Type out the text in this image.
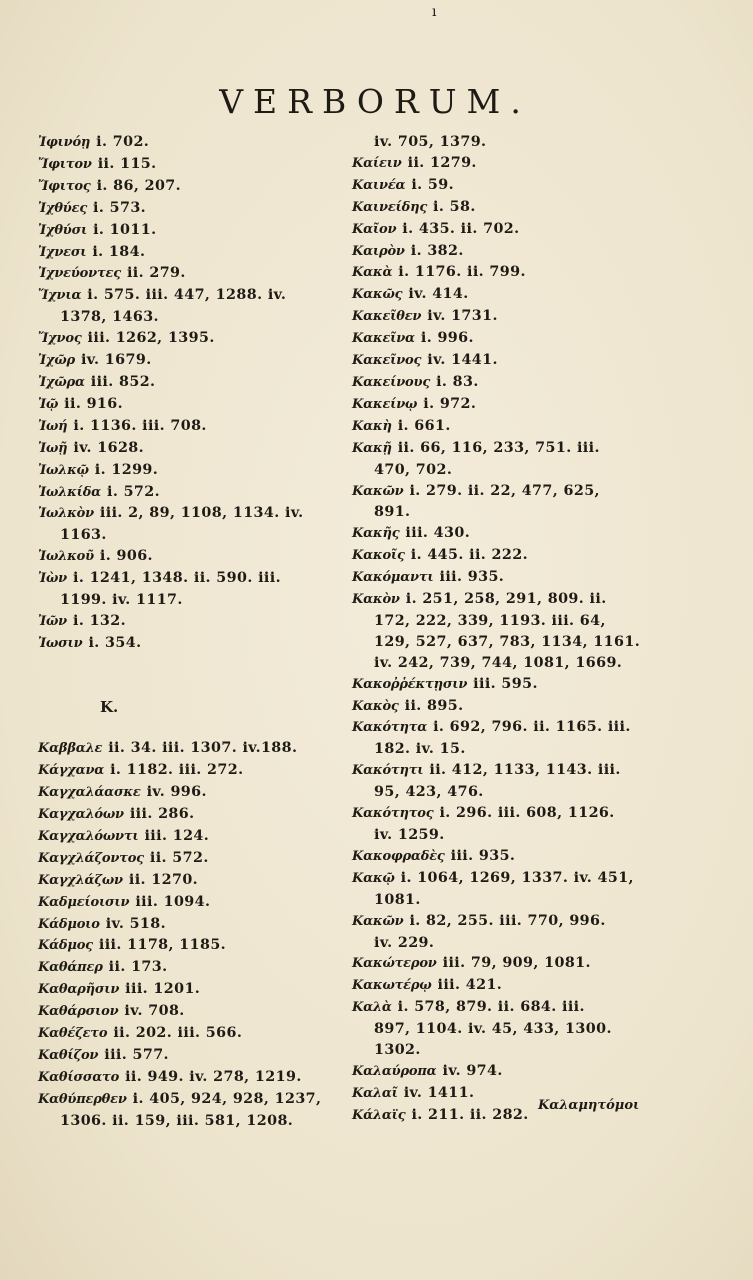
ı
VERBORUM.
Ἰφινόῃ i. 702.
Ἴφιτον ii. 115.
Ἴφιτος i. 86, 207.
Ἰχθύες i. 573.
Ἰχθύσι i. 1011.
Ἰχνεσι i. 184.
Ἰχνεύοντες ii. 279.
Ἴχνια i. 575. iii. 447, 1288. iv.
1378, 1463.
Ἴχνος iii. 1262, 1395.
Ἰχῶρ iv. 1679.
Ἰχῶρα iii. 852.
Ἰῷ ii. 916.
Ἰωή i. 1136. iii. 708.
Ἰωῇ iv. 1628.
Ἰωλκῷ i. 1299.
Ἰωλκίδα i. 572.
Ἰωλκὸν iii. 2, 89, 1108, 1134. iv.
1163.
Ἰωλκοῦ i. 906.
Ἰὼν i. 1241, 1348. ii. 590. iii.
1199. iv. 1117.
Ἰῶν i. 132.
Ἰωσιν i. 354.
K.
Καββαλε ii. 34. iii. 1307. iv.188.
Κάγχανα i. 1182. iii. 272.
Καγχαλάασκε iv. 996.
Καγχαλόων iii. 286.
Καγχαλόωντι iii. 124.
Καγχλάζοντος ii. 572.
Καγχλάζων ii. 1270.
Καδμείοισιν iii. 1094.
Κάδμοιο iv. 518.
Κάδμος iii. 1178, 1185.
Καθάπερ ii. 173.
Καθαρῆσιν iii. 1201.
Καθάρσιον iv. 708.
Καθέζετο ii. 202. iii. 566.
Καθίζον iii. 577.
Καθίσσατο ii. 949. iv. 278, 1219.
Καθύπερθεν i. 405, 924, 928, 1237,
1306. ii. 159, iii. 581, 1208.
iv. 705, 1379.
Καίειν ii. 1279.
Καινέα i. 59.
Καινείδης i. 58.
Καῖον i. 435. ii. 702.
Καιρὸν i. 382.
Κακὰ i. 1176. ii. 799.
Κακῶς iv. 414.
Κακεῖθεν iv. 1731.
Κακεῖνα i. 996.
Κακεῖνος iv. 1441.
Κακείνους i. 83.
Κακείνῳ i. 972.
Κακὴ i. 661.
Κακῇ ii. 66, 116, 233, 751. iii.
470, 702.
Κακῶν i. 279. ii. 22, 477, 625,
891.
Κακῆς iii. 430.
Κακοῖς i. 445. ii. 222.
Κακόμαντι iii. 935.
Κακὸν i. 251, 258, 291, 809. ii.
172, 222, 339, 1193. iii. 64,
129, 527, 637, 783, 1134, 1161.
iv. 242, 739, 744, 1081, 1669.
Κακοῤῥέκτῃσιν iii. 595.
Κακὸς ii. 895.
Κακότητα i. 692, 796. ii. 1165. iii.
182. iv. 15.
Κακότητι ii. 412, 1133, 1143. iii.
95, 423, 476.
Κακότητος i. 296. iii. 608, 1126.
iv. 1259.
Κακοφραδὲς iii. 935.
Κακῷ i. 1064, 1269, 1337. iv. 451,
1081.
Κακῶν i. 82, 255. iii. 770, 996.
iv. 229.
Κακώτερον iii. 79, 909, 1081.
Κακωτέρῳ iii. 421.
Καλὰ i. 578, 879. ii. 684. iii.
897, 1104. iv. 45, 433, 1300.
1302.
Καλαύροπα iv. 974.
Καλαῖ iv. 1411.
Κάλαϊς i. 211. ii. 282.
Καλαμητόμοι
